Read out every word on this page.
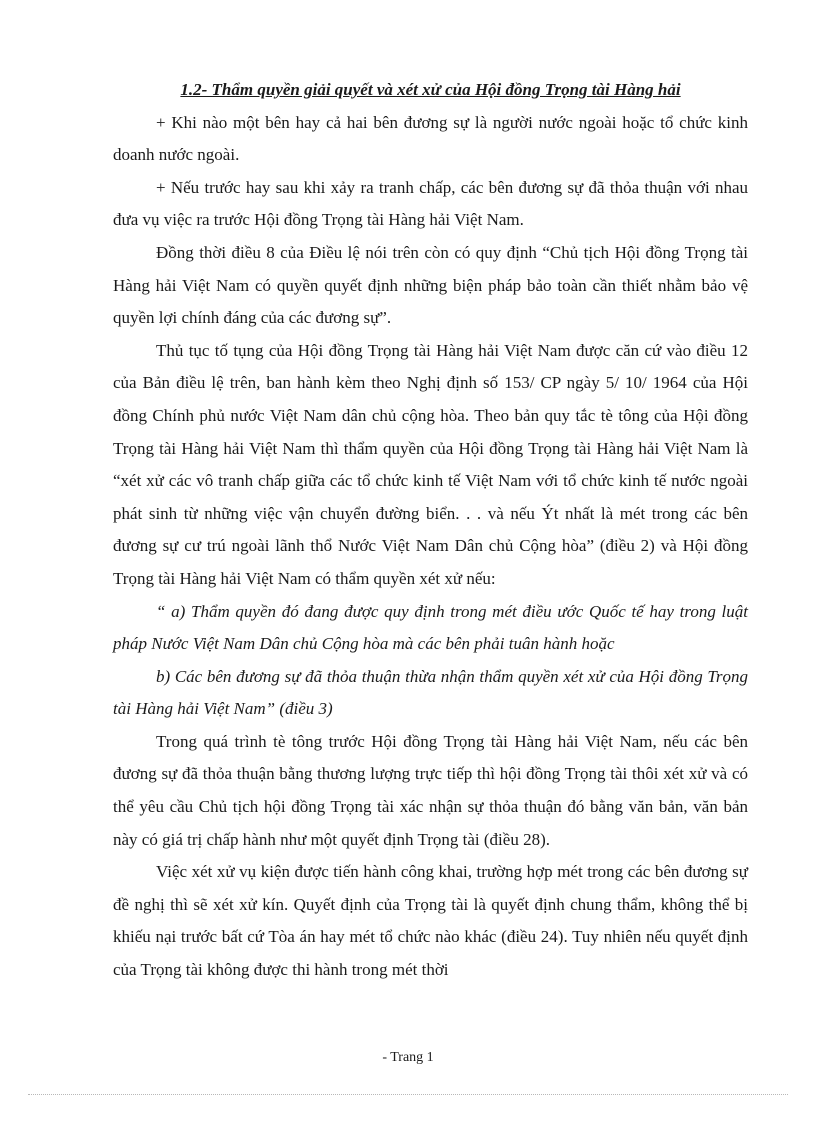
1.2- Thẩm quyền giải quyết và xét xử của Hội đồng Trọng tài Hàng hải

+ Khi nào một bên hay cả hai bên đương sự là người nước ngoài hoặc tổ chức kinh doanh nước ngoài.

+ Nếu trước hay sau khi xảy ra tranh chấp, các bên đương sự đã thỏa thuận với nhau đưa vụ việc ra trước Hội đồng Trọng tài Hàng hải Việt Nam.

Đồng thời điều 8 của Điều lệ nói trên còn có quy định “Chủ tịch Hội đồng Trọng tài Hàng hải Việt Nam có quyền quyết định những biện pháp bảo toàn cần thiết nhằm bảo vệ quyền lợi chính đáng của các đương sự”.

Thủ tục tố tụng của Hội đồng Trọng tài Hàng hải Việt Nam được căn cứ vào điều 12 của Bản điều lệ trên, ban hành kèm theo Nghị định số 153/ CP ngày 5/ 10/ 1964 của Hội đồng Chính phủ nước Việt Nam dân chủ cộng hòa. Theo bản quy tắc tè tông của Hội đồng Trọng tài Hàng hải Việt Nam thì thẩm quyền của Hội đồng Trọng tài Hàng hải Việt Nam là “xét xử các vô tranh chấp giữa các tổ chức kinh tế Việt Nam với tổ chức kinh tế nước ngoài phát sinh từ những việc vận chuyển đường biển. . . và nếu Ýt nhất là mét trong các bên đương sự cư trú ngoài lãnh thổ Nước Việt Nam Dân chủ Cộng hòa” (điều 2) và Hội đồng Trọng tài Hàng hải Việt Nam có thẩm quyền xét xử nếu:

“ a) Thẩm quyền đó đang được quy định trong mét điều ước Quốc tế hay trong luật pháp Nước Việt Nam Dân chủ Cộng hòa mà các bên phải tuân hành hoặc

b) Các bên đương sự đã thỏa thuận thừa nhận thẩm quyền xét xử của Hội đồng Trọng tài Hàng hải Việt Nam” (điều 3)

Trong quá trình tè tông trước Hội đồng Trọng tài Hàng hải Việt Nam, nếu các bên đương sự đã thỏa thuận bằng thương lượng trực tiếp thì hội đồng Trọng tài thôi xét xử và có thể yêu cầu Chủ tịch hội đồng Trọng tài xác nhận sự thỏa thuận đó bằng văn bản, văn bản này có giá trị chấp hành như một quyết định Trọng tài (điều 28).

Việc xét xử vụ kiện được tiến hành công khai, trường hợp mét trong các bên đương sự đề nghị thì sẽ xét xử kín. Quyết định của Trọng tài là quyết định chung thẩm, không thể bị khiếu nại trước bất cứ Tòa án hay mét tổ chức nào khác (điều 24). Tuy nhiên nếu quyết định của Trọng tài không được thi hành trong mét thời

- Trang 1
